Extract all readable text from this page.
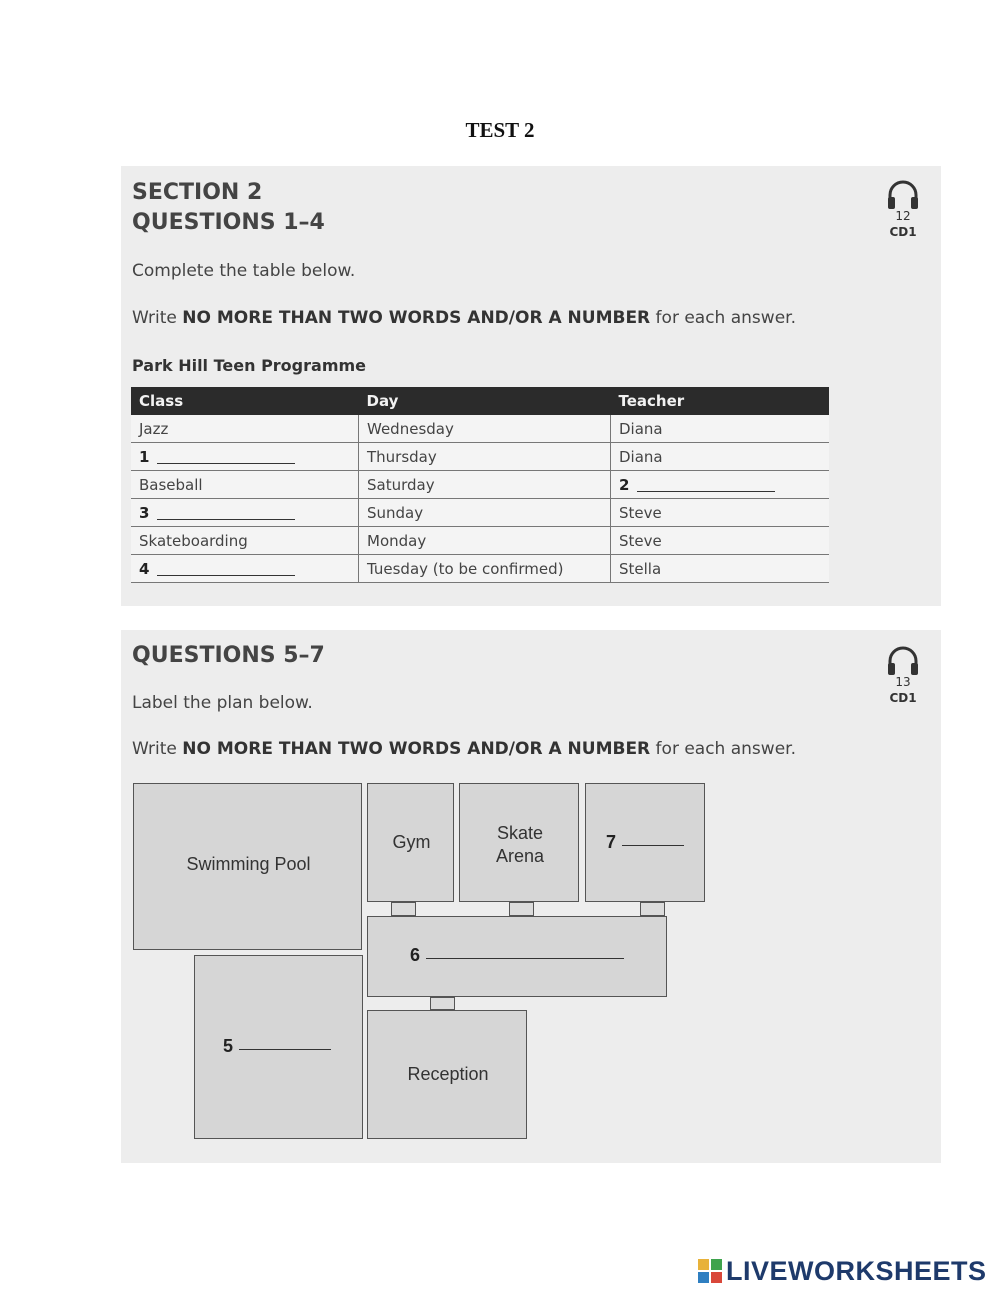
TEST 2
SECTION 2
QUESTIONS 1–4	12
CD1
Complete the table below.
Write NO MORE THAN TWO WORDS AND/OR A NUMBER for each answer.
Park Hill Teen Programme
Class	Day	Teacher
Jazz	Wednesday	Diana
1	Thursday	Diana
Baseball	Saturday	2
3	Sunday	Steve
Skateboarding	Monday	Steve
4	Tuesday (to be confirmed)	Stella
QUESTIONS 5–7
13
CD1
Label the plan below.
Write NO MORE THAN TWO WORDS AND/OR A NUMBER for each answer.
Swimming Pool
Gym	Skate
Arena
7
6
5
Reception
LIVEWORKSHEETS
